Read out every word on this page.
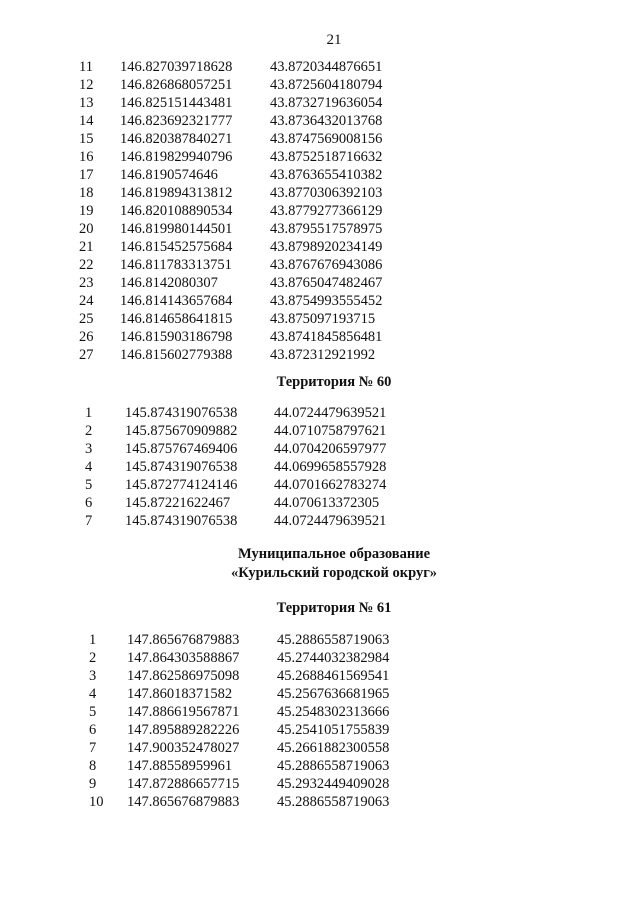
21
11 146.827039718628	43.8720344876651
12 146.826868057251	43.8725604180794
13 146.825151443481	43.8732719636054
14 146.823692321777	43.8736432013768
15 146.820387840271	43.8747569008156
16 146.819829940796	43.8752518716632
17 146.8190574646	43.8763655410382
18 146.819894313812	43.8770306392103
19 146.820108890534	43.8779277366129
20 146.819980144501	43.8795517578975
21 146.815452575684	43.8798920234149
22 146.811783313751	43.8767676943086
23 146.8142080307	43.8765047482467
24 146.814143657684	43.8754993555452
25 146.814658641815	43.875097193715
26 146.815903186798	43.8741845856481
27 146.815602779388	43.872312921992
Территория № 60
1 145.874319076538	44.0724479639521
2 145.875670909882	44.0710758797621
3 145.875767469406	44.0704206597977
4 145.874319076538	44.0699658557928
5 145.872774124146	44.0701662783274
6 145.87221622467	44.070613372305
7 145.874319076538	44.0724479639521
Муниципальное образование
«Курильский городской округ»
Территория № 61
1 147.865676879883	45.2886558719063
2 147.864303588867	45.2744032382984
3 147.862586975098	45.2688461569541
4 147.86018371582	45.2567636681965
5 147.886619567871	45.2548302313666
6 147.895889282226	45.2541051755839
7 147.900352478027	45.2661882300558
8 147.88558959961	45.2886558719063
9 147.872886657715	45.2932449409028
10 147.865676879883	45.2886558719063
